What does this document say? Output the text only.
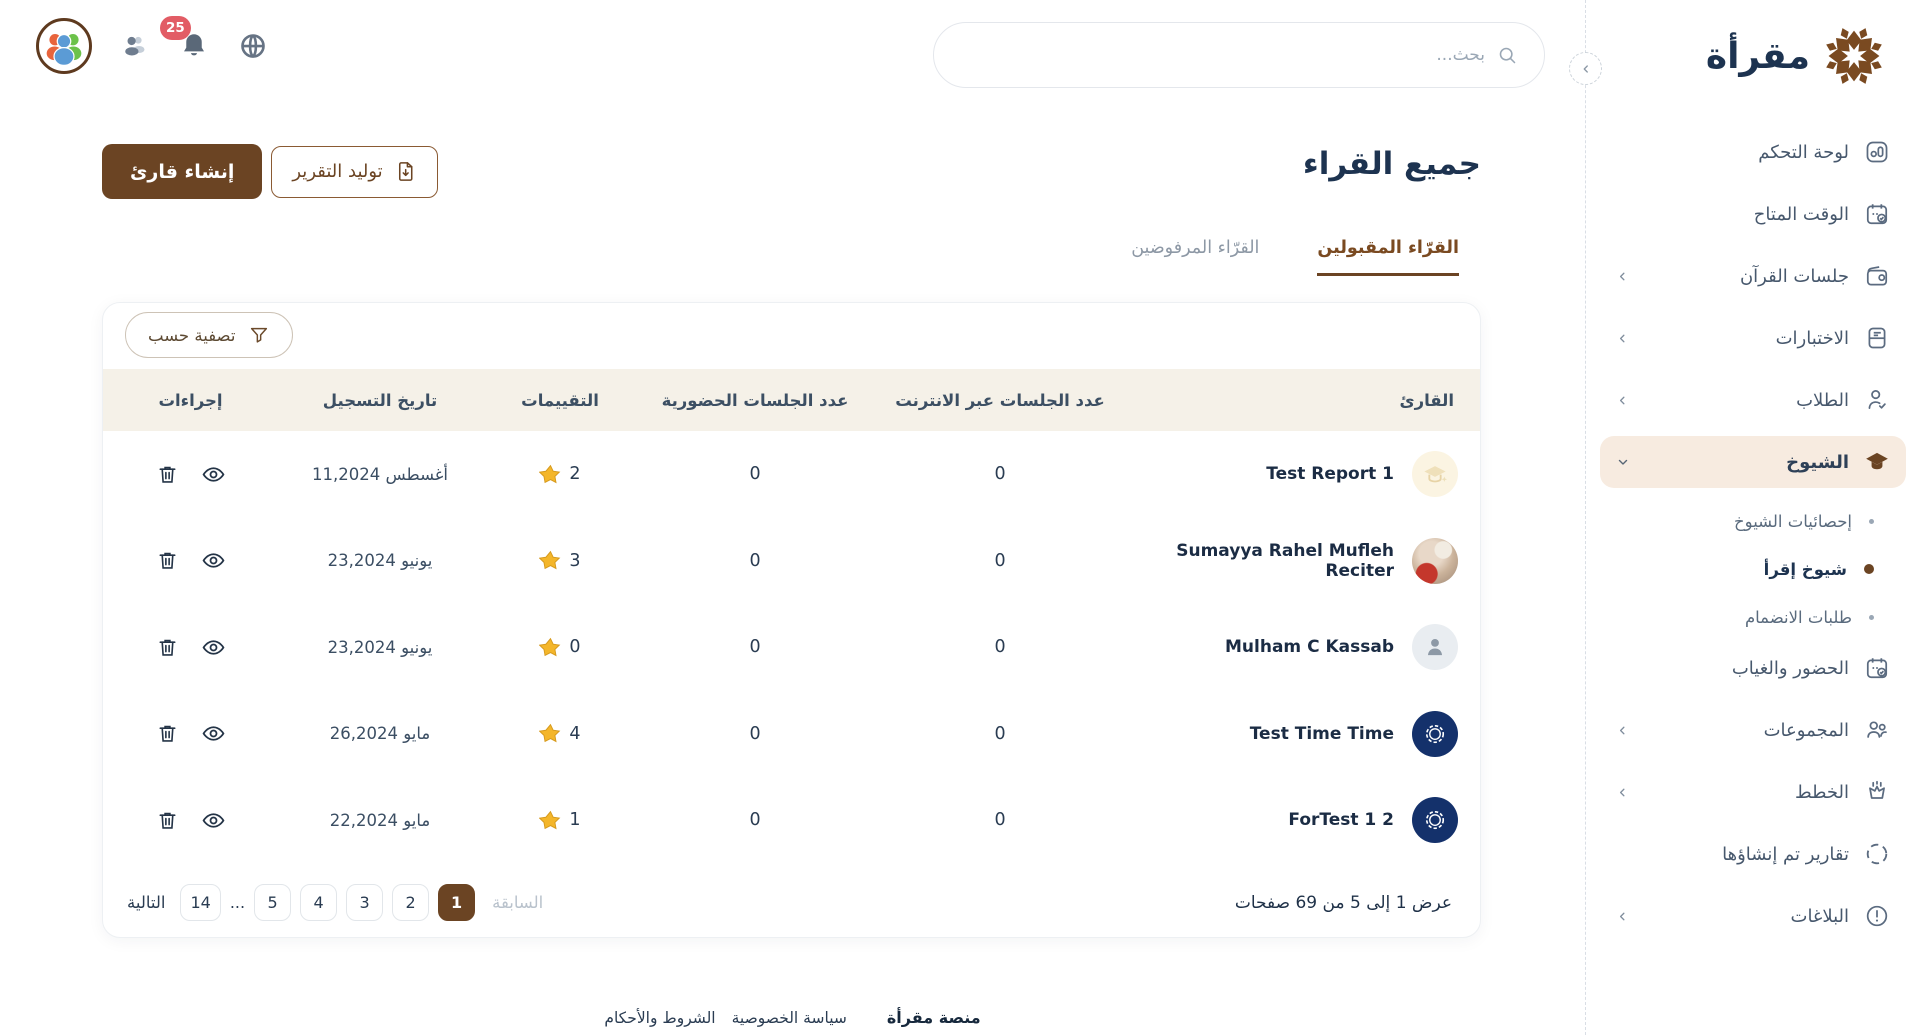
مقرأة
لوحة التحكم
الوقت المتاح
جلسات القرآن
الاختبارات
الطلاب
الشيوخ
إحصائيات الشيوخ
شيوخ إقرأ
طلبات الانضمام
الحضور والغياب
المجموعات
الخطط
تقارير تم إنشاؤها
البلاغات
25
بحث...
جميع القراء
إنشاء قارئ	توليد التقرير
القرّاء المقبولين
القرّاء المرفوضين
تصفية حسب
القارئ
عدد الجلسات عبر الانترنت
عدد الجلسات الحضورية
التقييمات
تاريخ التسجيل
إجراءات
Test Report 1
0
0
2
أغسطس 11,2024
Sumayya Rahel Mufleh Reciter
0
0
3
يونيو 23,2024
Mulham C Kassab
0
0
0
يونيو 23,2024
Test Time Time
0
0
4
مايو 26,2024
ForTest 1 2
0
0
1
مايو 22,2024
عرض 1 إلى 5 من 69 صفحات
السابقة
1
2
3
4
5
...
14
التالية
منصة مقرأة
سياسة الخصوصية
الشروط والأحكام
